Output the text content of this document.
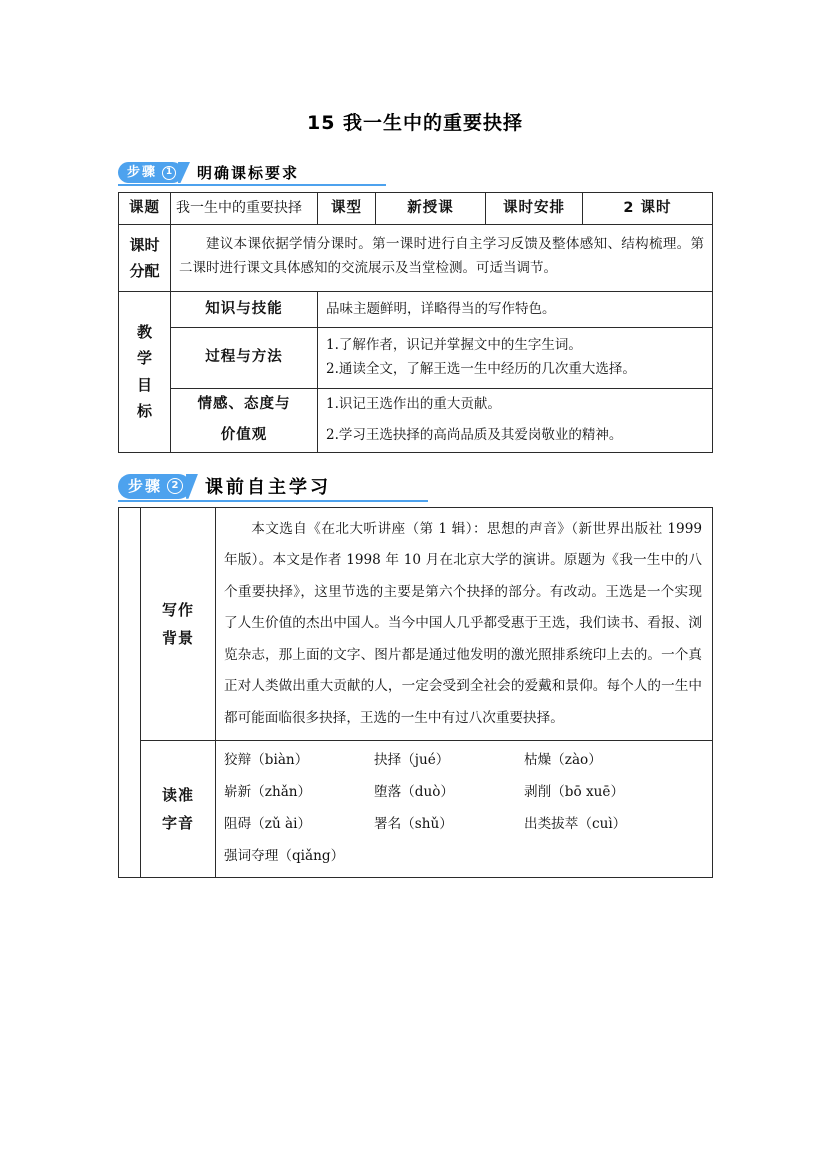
15 我一生中的重要抉择
步骤 1 明确课标要求
课题	我一生中的重要抉择	课型	新授课	课时安排	2 课时

课时
分配	建议本课依据学情分课时。第一课时进行自主学习反馈及整体感知、结构梳理。第二课时进行课文具体感知的交流展示及当堂检测。可适当调节。				

教
学
目
标	知识与技能	品味主题鲜明，详略得当的写作特色。			
	过程与方法	1.了解作者，识记并掌握文中的生字生词。
2.通读全文，了解王选一生中经历的几次重大选择。			

	情感、态度与	1.识记王选作出的重大贡献。			
	价值观	2.学习王选抉择的高尚品质及其爱岗敬业的精神。			
步骤 2 课前自主学习

	写作
背景	本文选自《在北大听讲座（第 1 辑）：思想的声音》（新世界出版社 1999 年版）。本文是作者 1998 年 10 月在北京大学的演讲。原题为《我一生中的八个重要抉择》，这里节选的主要是第六个抉择的部分。有改动。王选是一个实现了人生价值的杰出中国人。当今中国人几乎都受惠于王选，我们读书、看报、浏览杂志，那上面的文字、图片都是通过他发明的激光照排系统印上去的。一个真正对人类做出重大贡献的人，一定会受到全社会的爱戴和景仰。每个人的一生中都可能面临很多抉择，王选的一生中有过八次重要抉择。

	读准
字音	狡辩（biàn） 抉择（jué） 枯燥（zào）
崭新（zhǎn） 堕落（duò） 剥削（bō xuē）
阻碍（zǔ ài） 署名（shǔ） 出类拔萃（cuì）
强词夺理（qiǎng）
